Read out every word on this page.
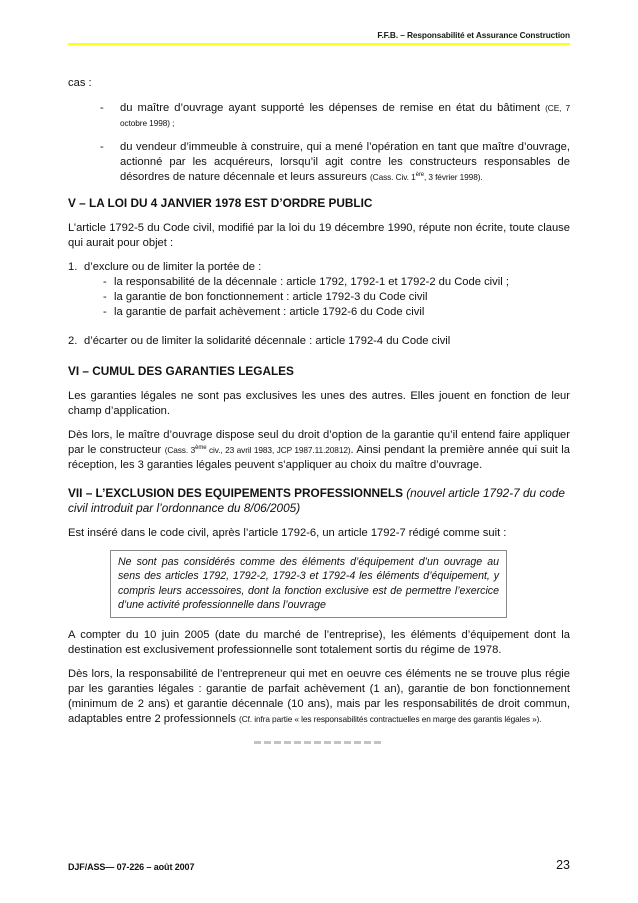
F.F.B. – Responsabilité et Assurance Construction

cas :

- du maître d’ouvrage ayant supporté les dépenses de remise en état du bâtiment (CE, 7 octobre 1998) ;
- du vendeur d’immeuble à construire, qui a mené l’opération en tant que maître d’ouvrage, actionné par les acquéreurs, lorsqu’il agit contre les constructeurs responsables de désordres de nature décennale et leurs assureurs (Cass. Civ. 1ère, 3 février 1998).
V – LA LOI DU 4 JANVIER 1978 EST D’ORDRE PUBLIC

L’article 1792-5 du Code civil, modifié par la loi du 19 décembre 1990, répute non écrite, toute clause qui aurait pour objet :

1. d’exclure ou de limiter la portée de :
- la responsabilité de la décennale : article 1792, 1792-1 et 1792-2 du Code civil ;
- la garantie de bon fonctionnement : article 1792-3 du Code civil
- la garantie de parfait achèvement : article 1792-6 du Code civil
2. d’écarter ou de limiter la solidarité décennale : article 1792-4 du Code civil
VI – CUMUL DES GARANTIES LEGALES

Les garanties légales ne sont pas exclusives les unes des autres. Elles jouent en fonction de leur champ d’application.

Dès lors, le maître d’ouvrage dispose seul du droit d’option de la garantie qu’il entend faire appliquer par le constructeur (Cass. 3ème civ., 23 avril 1983, JCP 1987.11.20812). Ainsi pendant la première année qui suit la réception, les 3 garanties légales peuvent s’appliquer au choix du maître d’ouvrage.

VII – L’EXCLUSION DES EQUIPEMENTS PROFESSIONNELS (nouvel article 1792-7 du code civil introduit par l’ordonnance du 8/06/2005)

Est inséré dans le code civil, après l’article 1792-6, un article 1792-7 rédigé comme suit :

Ne sont pas considérés comme des éléments d’équipement d’un ouvrage au sens des articles 1792, 1792-2, 1792-3 et 1792-4 les éléments d’équipement, y compris leurs accessoires, dont la fonction exclusive est de permettre l’exercice d’une activité professionnelle dans l’ouvrage

A compter du 10 juin 2005 (date du marché de l’entreprise), les éléments d’équipement dont la destination est exclusivement professionnelle sont totalement sortis du régime de 1978.

Dès lors, la responsabilité de l’entrepreneur qui met en oeuvre ces éléments ne se trouve plus régie par les garanties légales : garantie de parfait achèvement (1 an), garantie de bon fonctionnement (minimum de 2 ans) et garantie décennale (10 ans), mais par les responsabilités de droit commun, adaptables entre 2 professionnels (Cf. infra partie « les responsabilités contractuelles en marge des garantis légales »).

DJF/ASS— 07-226 – août 2007	23
